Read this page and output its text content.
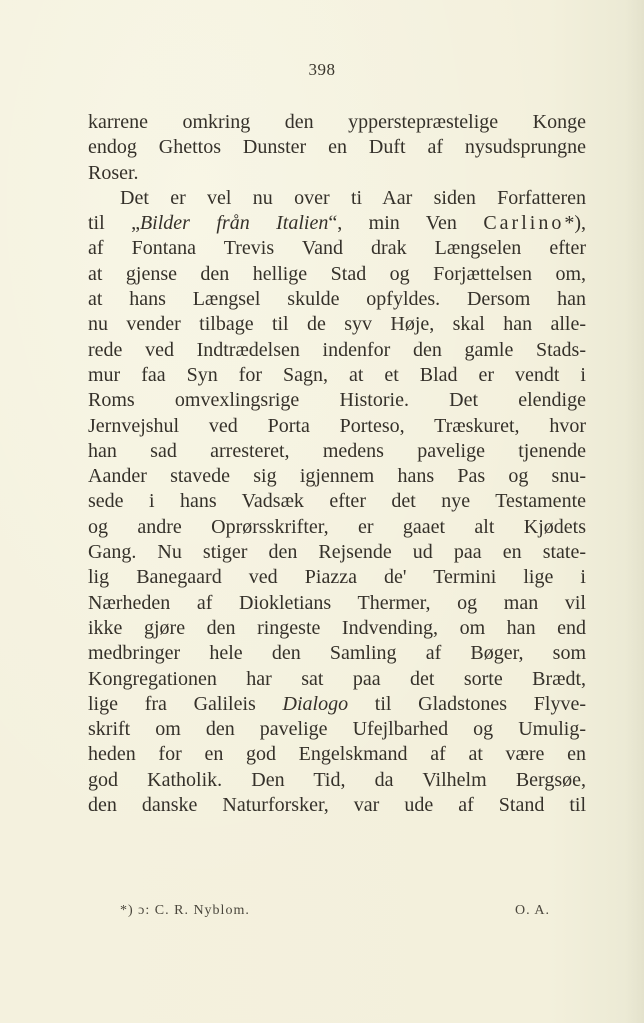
398
karrene omkring den ypperstepræstelige Konge
endog Ghettos Dunster en Duft af nysudsprungne
Roser.
Det er vel nu over ti Aar siden Forfatteren
til „Bilder från Italien“, min Ven Carlino*),
af Fontana Trevis Vand drak Længselen efter
at gjense den hellige Stad og Forjættelsen om,
at hans Længsel skulde opfyldes. Dersom han
nu vender tilbage til de syv Høje, skal han alle-
rede ved Indtrædelsen indenfor den gamle Stads-
mur faa Syn for Sagn, at et Blad er vendt i
Roms omvexlingsrige Historie. Det elendige
Jernvejshul ved Porta Porteso, Træskuret, hvor
han sad arresteret, medens pavelige tjenende
Aander stavede sig igjennem hans Pas og snu-
sede i hans Vadsæk efter det nye Testamente
og andre Oprørsskrifter, er gaaet alt Kjødets
Gang. Nu stiger den Rejsende ud paa en state-
lig Banegaard ved Piazza de' Termini lige i
Nærheden af Diokletians Thermer, og man vil
ikke gjøre den ringeste Indvending, om han end
medbringer hele den Samling af Bøger, som
Kongregationen har sat paa det sorte Brædt,
lige fra Galileis Dialogo til Gladstones Flyve-
skrift om den pavelige Ufejlbarhed og Umulig-
heden for en god Engelskmand af at være en
god Katholik. Den Tid, da Vilhelm Bergsøe,
den danske Naturforsker, var ude af Stand til
*) ɔ: C. R. Nyblom.	O. A.
